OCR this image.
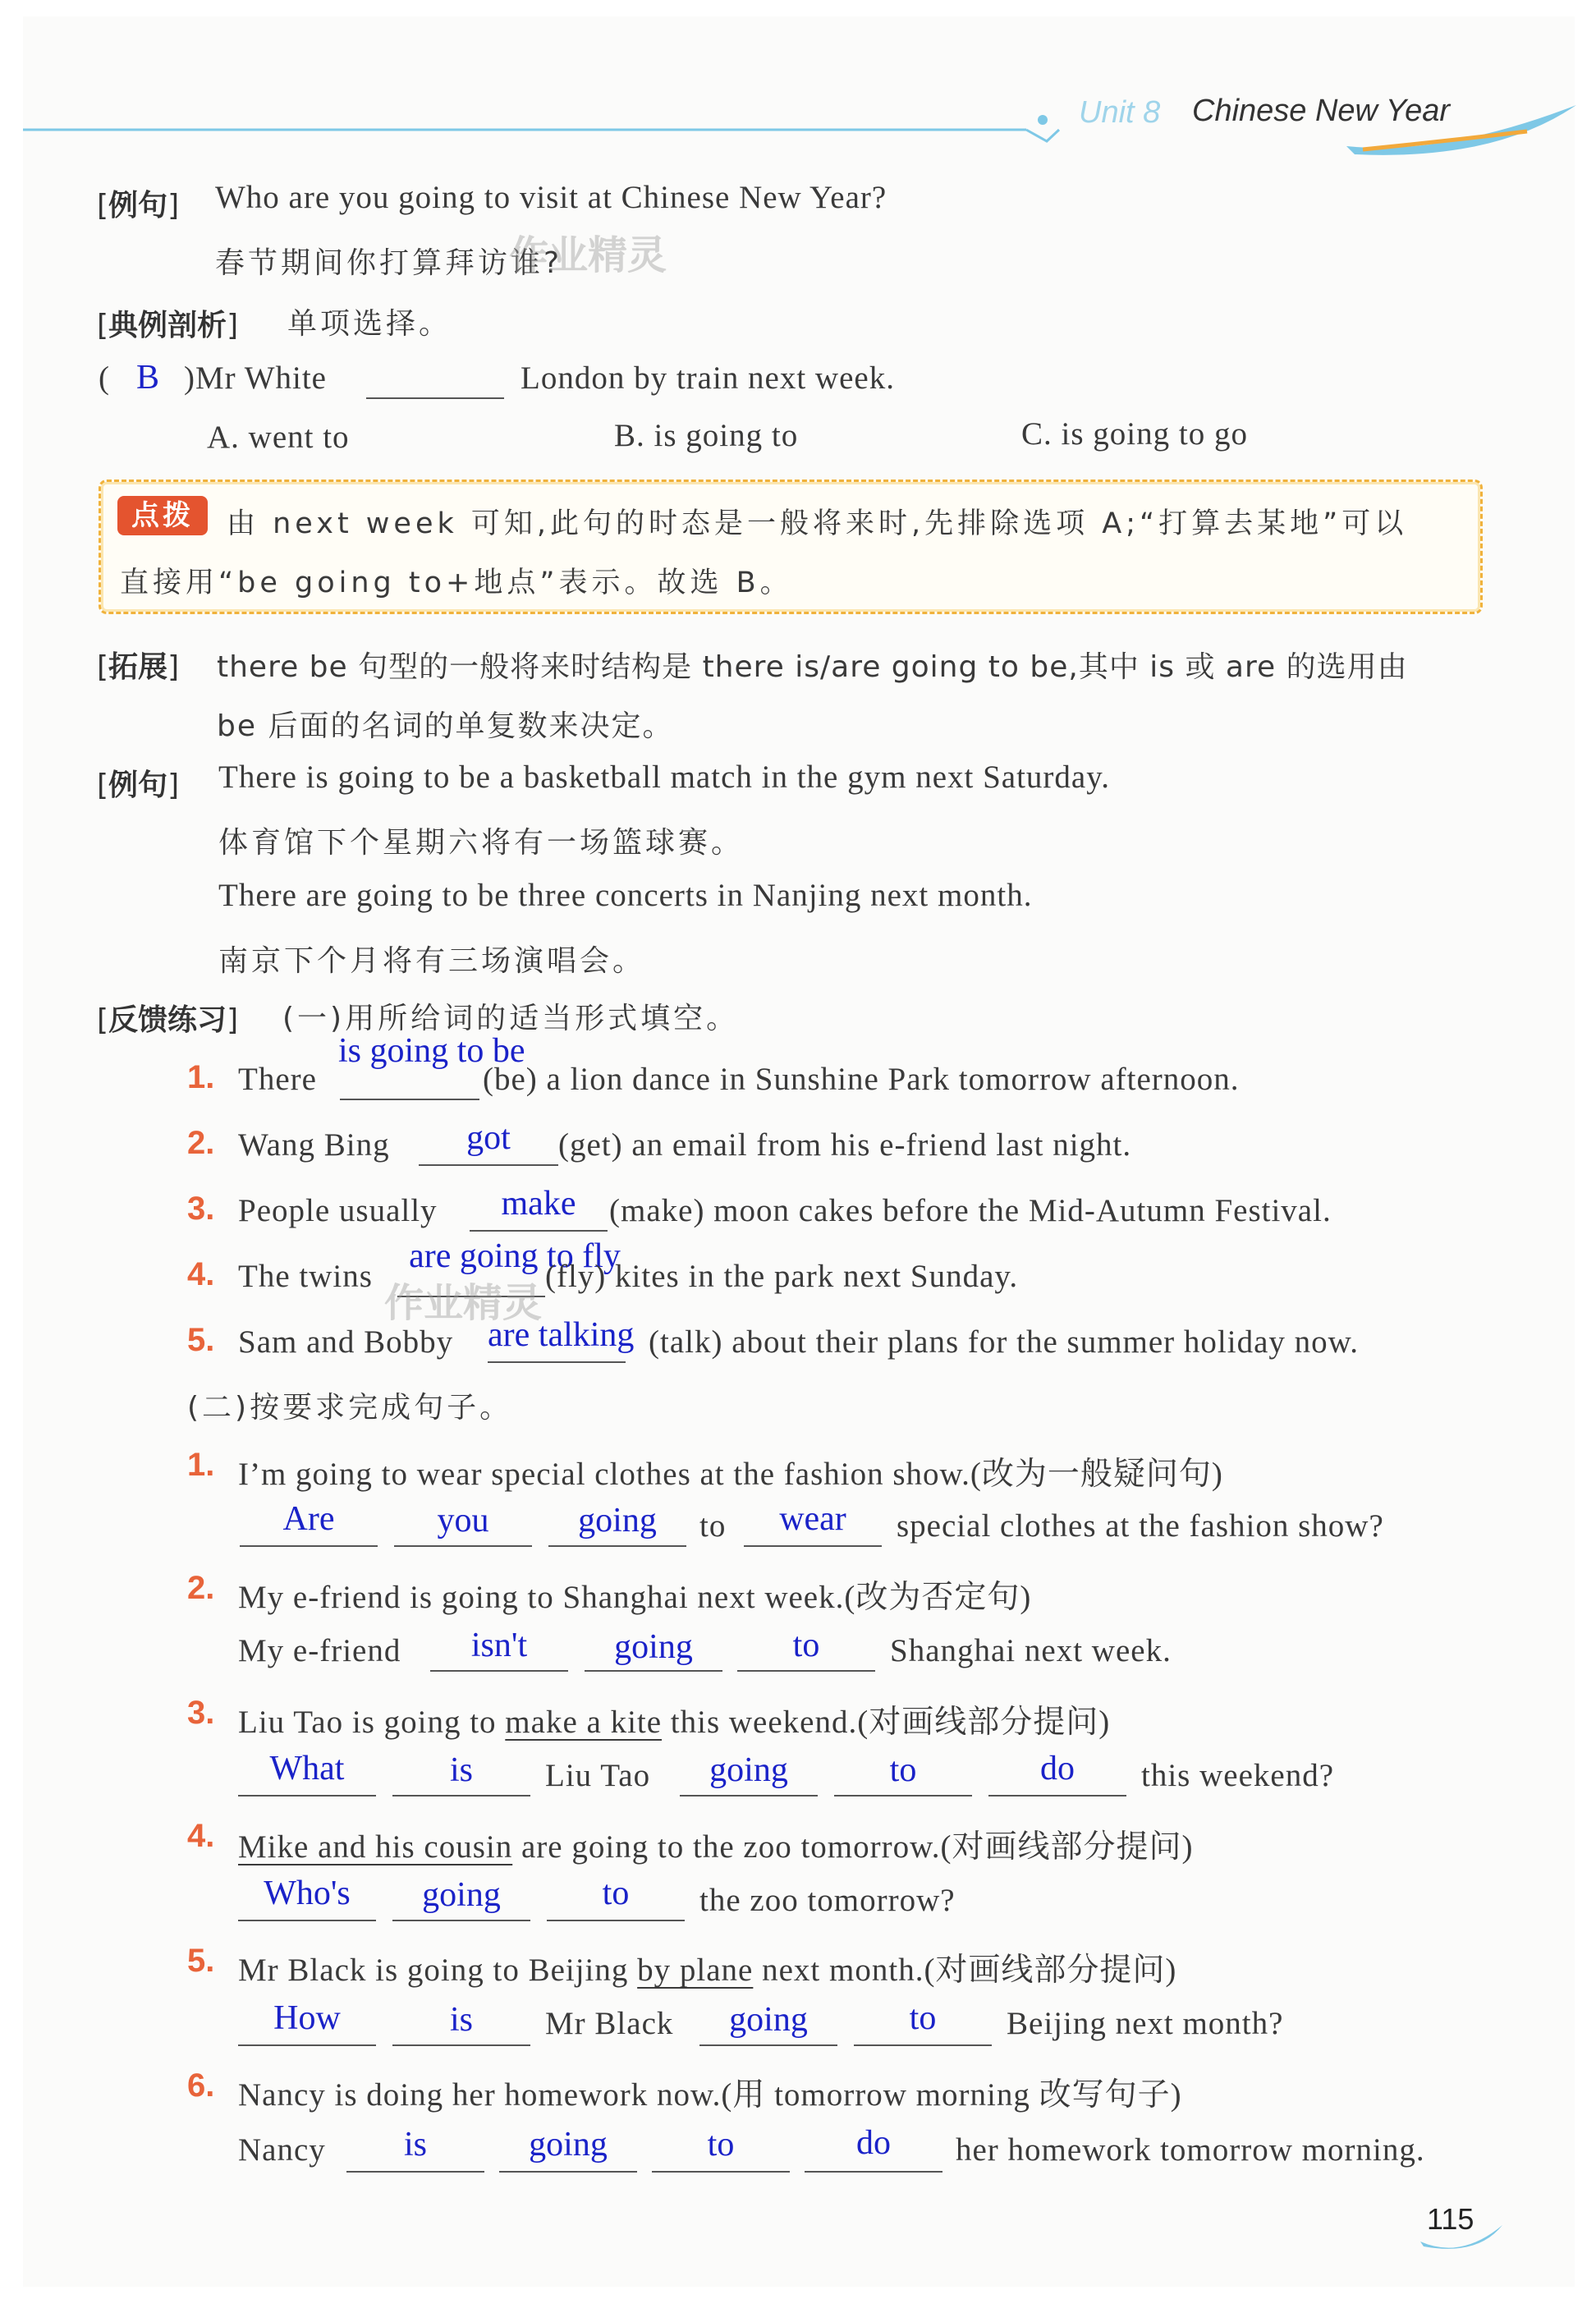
Unit 8 Chinese New Year
[例句] Who are you going to visit at Chinese New Year?
春节期间你打算拜访谁?
作业精灵
[典例剖析] 单项选择。
( B )Mr White	London by train next week.
A. went to	B. is going to	C. is going to go
点拨	由 next week 可知,此句的时态是一般将来时,先排除选项 A;“打算去某地”可以
直接用“be going to+地点”表示。故选 B。
[拓展] there be 句型的一般将来时结构是 there is/are going to be,其中 is 或 are 的选用由
be 后面的名词的单复数来决定。
[例句] There is going to be a basketball match in the gym next Saturday.
体育馆下个星期六将有一场篮球赛。
There are going to be three concerts in Nanjing next month.
南京下个月将有三场演唱会。
[反馈练习] (一)用所给词的适当形式填空。
1. There
is going to be
(be) a lion dance in Sunshine Park tomorrow afternoon.
2. Wang Bing	got	(get) an email from his e-friend last night.
3. People usually	make	(make) moon cakes before the Mid-Autumn Festival.
4. The twins
are going to fly
(fly) kites in the park next Sunday.
作业精灵
5. Sam and Bobby are talking (talk) about their plans for the summer holiday now.
(二)按要求完成句子。
1. I’m going to wear special clothes at the fashion show.(改为一般疑问句)
Are	you	going	to	wear	special clothes at the fashion show?
2. My e-friend is going to Shanghai next week.(改为否定句)
My e-friend	isn't	going	to	Shanghai next week.
3. Liu Tao is going to make a kite this weekend.(对画线部分提问)
What	is	Liu Tao	going	to	do	this weekend?
4. Mike and his cousin are going to the zoo tomorrow.(对画线部分提问)
Who's	going	to	the zoo tomorrow?
5. Mr Black is going to Beijing by plane next month.(对画线部分提问)
How	is	Mr Black	going	to	Beijing next month?
6. Nancy is doing her homework now.(用 tomorrow morning 改写句子)
Nancy	is	going	to	do	her homework tomorrow morning.
115
